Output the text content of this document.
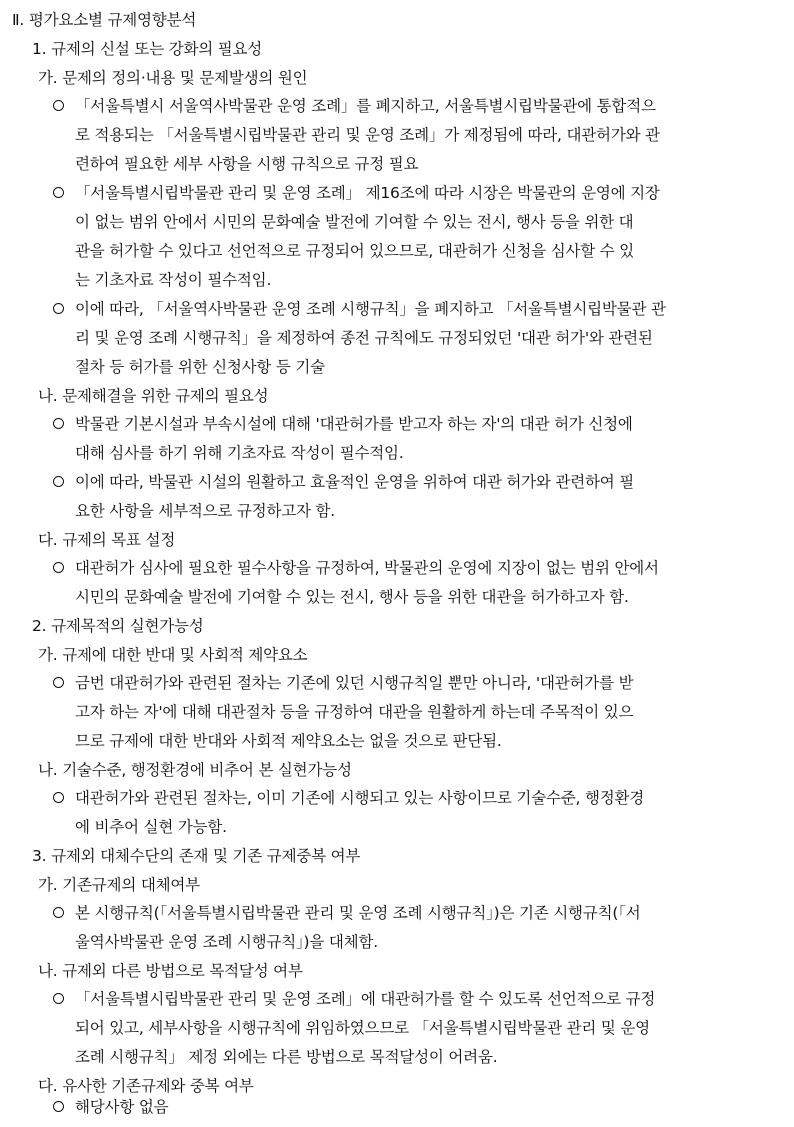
Ⅱ. 평가요소별 규제영향분석
1. 규제의 신설 또는 강화의 필요성
가. 문제의 정의·내용 및 문제발생의 원인
「서울특별시 서울역사박물관 운영 조례」를 폐지하고, 서울특별시립박물관에 통합적으
로 적용되는 「서울특별시립박물관 관리 및 운영 조례」가 제정됨에 따라, 대관허가와 관
련하여 필요한 세부 사항을 시행 규칙으로 규정 필요
「서울특별시립박물관 관리 및 운영 조례」 제16조에 따라 시장은 박물관의 운영에 지장
이 없는 범위 안에서 시민의 문화예술 발전에 기여할 수 있는 전시, 행사 등을 위한 대
관을 허가할 수 있다고 선언적으로 규정되어 있으므로, 대관허가 신청을 심사할 수 있
는 기초자료 작성이 필수적임.
이에 따라, 「서울역사박물관 운영 조례 시행규칙」을 폐지하고 「서울특별시립박물관 관
리 및 운영 조례 시행규칙」을 제정하여 종전 규칙에도 규정되었던 '대관 허가'와 관련된
절차 등 허가를 위한 신청사항 등 기술
나. 문제해결을 위한 규제의 필요성
박물관 기본시설과 부속시설에 대해 '대관허가를 받고자 하는 자'의 대관 허가 신청에
대해 심사를 하기 위해 기초자료 작성이 필수적임.
이에 따라, 박물관 시설의 원활하고 효율적인 운영을 위하여 대관 허가와 관련하여 필
요한 사항을 세부적으로 규정하고자 함.
다. 규제의 목표 설정
대관허가 심사에 필요한 필수사항을 규정하여, 박물관의 운영에 지장이 없는 범위 안에서
시민의 문화예술 발전에 기여할 수 있는 전시, 행사 등을 위한 대관을 허가하고자 함.
2. 규제목적의 실현가능성
가. 규제에 대한 반대 및 사회적 제약요소
금번 대관허가와 관련된 절차는 기존에 있던 시행규칙일 뿐만 아니라, '대관허가를 받
고자 하는 자'에 대해 대관절차 등을 규정하여 대관을 원활하게 하는데 주목적이 있으
므로 규제에 대한 반대와 사회적 제약요소는 없을 것으로 판단됨.
나. 기술수준, 행정환경에 비추어 본 실현가능성
대관허가와 관련된 절차는, 이미 기존에 시행되고 있는 사항이므로 기술수준, 행정환경
에 비추어 실현 가능함.
3. 규제외 대체수단의 존재 및 기존 규제중복 여부
가. 기존규제의 대체여부
본 시행규칙(「서울특별시립박물관 관리 및 운영 조례 시행규칙」)은 기존 시행규칙(「서
울역사박물관 운영 조례 시행규칙」)을 대체함.
나. 규제외 다른 방법으로 목적달성 여부
「서울특별시립박물관 관리 및 운영 조례」에 대관허가를 할 수 있도록 선언적으로 규정
되어 있고, 세부사항을 시행규칙에 위임하였으므로 「서울특별시립박물관 관리 및 운영
조례 시행규칙」 제정 외에는 다른 방법으로 목적달성이 어려움.
다. 유사한 기존규제와 중복 여부
해당사항 없음
